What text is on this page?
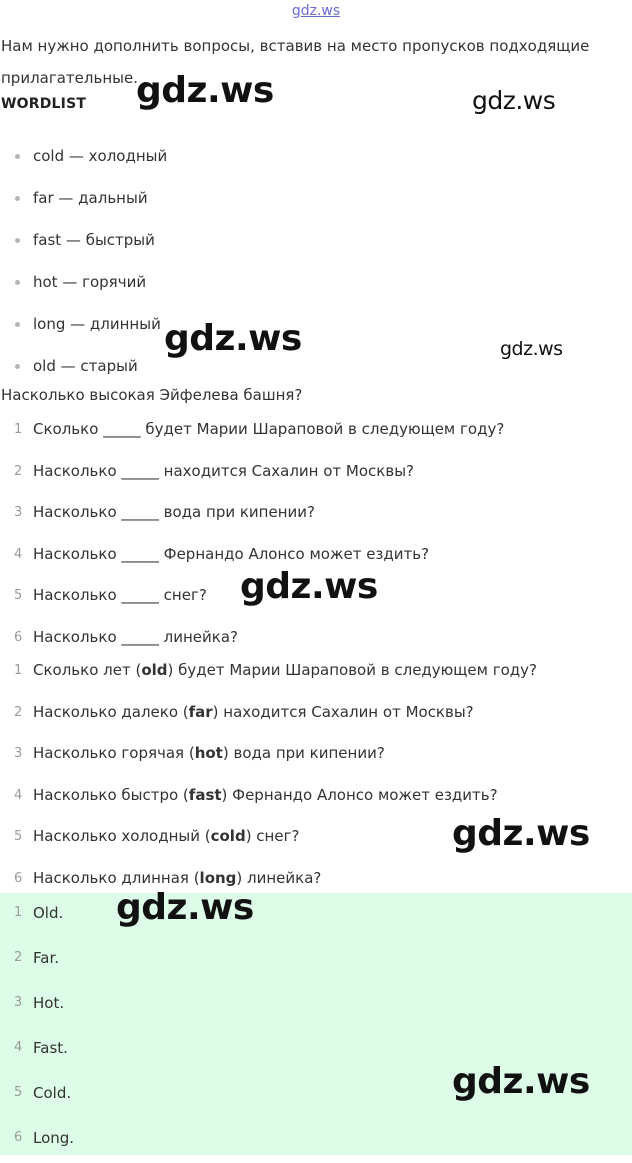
gdz.ws
Нам нужно дополнить вопросы, вставив на место пропусков подходящие прилагательные.
WORDLIST
cold — холодный
far — дальный
fast — быстрый
hot — горячий
long — длинный
old — старый
Насколько высокая Эйфелева башня?
1 Сколько _____ будет Марии Шараповой в следующем году?
2 Насколько _____ находится Сахалин от Москвы?
3 Насколько _____ вода при кипении?
4 Насколько _____ Фернандо Алонсо может ездить?
5 Насколько _____ снег?
6 Насколько _____ линейка?
1 Сколько лет (old) будет Марии Шараповой в следующем году?
2 Насколько далеко (far) находится Сахалин от Москвы?
3 Насколько горячая (hot) вода при кипении?
4 Насколько быстро (fast) Фернандо Алонсо может ездить?
5 Насколько холодный (cold) снег?
6 Насколько длинная (long) линейка?
1 Old.
2 Far.
3 Hot.
4 Fast.
5 Cold.
6 Long.
gdz.ws	gdz.ws
gdz.ws	gdz.ws
gdz.ws
gdz.ws
gdz.ws
gdz.ws
